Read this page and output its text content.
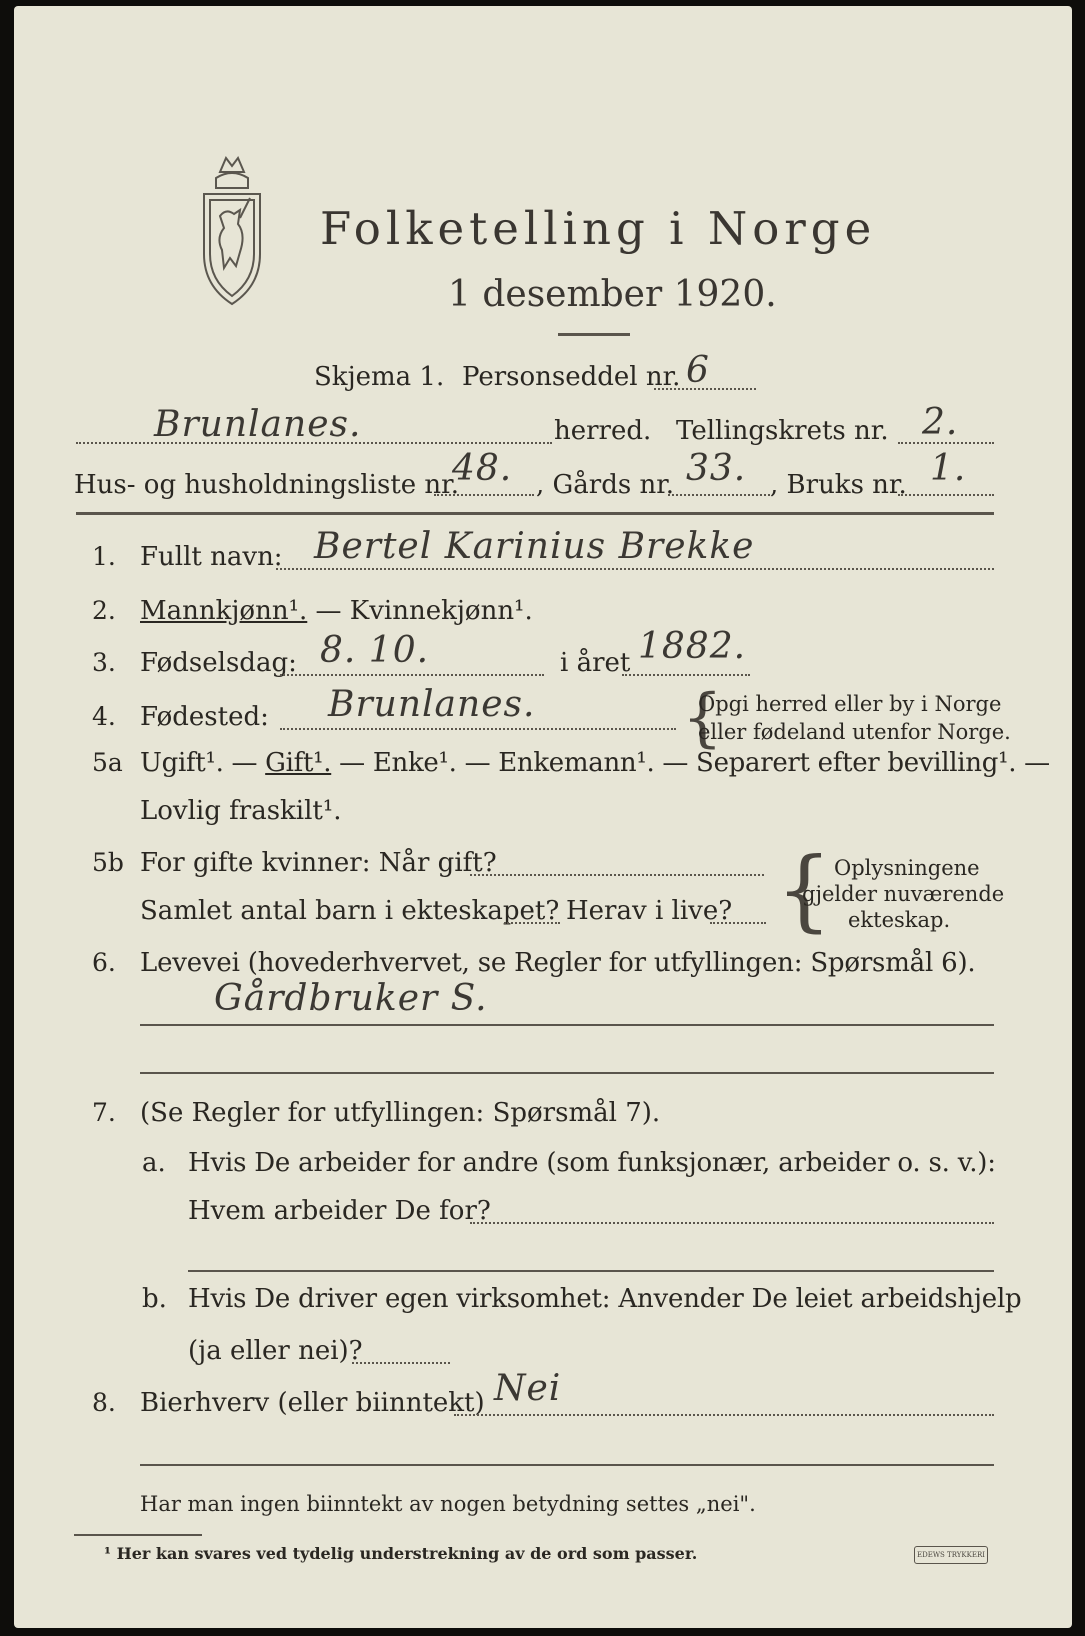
Folketelling i Norge
1 desember 1920.
Skjema 1. Personseddel nr. 6
Brunlanes.	herred. Tellingskrets nr. 2.
Hus- og husholdningsliste nr.
48. , Gårds nr. 33. , Bruks nr. 1.
1. Fullt navn: Bertel Karinius Brekke
2. Mannkjønn¹. — Kvinnekjønn¹.
3. Fødselsdag: 8. 10.	i året 1882.
4. Fødested: Brunlanes. {
Opgi herred eller by i Norge
eller fødeland utenfor Norge.
5a Ugift¹. — Gift¹. — Enke¹. — Enkemann¹. — Separert efter bevilling¹. —
Lovlig fraskilt¹.
5b For gifte kvinner: Når gift?
Samlet antal barn i ekteskapet? Herav i live? { Oplysningene
gjelder nuværende
ekteskap.
6. Levevei (hovederhvervet, se Regler for utfyllingen: Spørsmål 6).
Gårdbruker S.
7. (Se Regler for utfyllingen: Spørsmål 7).
a. Hvis De arbeider for andre (som funksjonær, arbeider o. s. v.):
Hvem arbeider De for?
b. Hvis De driver egen virksomhet: Anvender De leiet arbeidshjelp
(ja eller nei)?
8. Bierhverv (eller biinntekt) Nei
Har man ingen biinntekt av nogen betydning settes „nei".
¹ Her kan svares ved tydelig understrekning av de ord som passer.	EDEWS TRYKKERI
